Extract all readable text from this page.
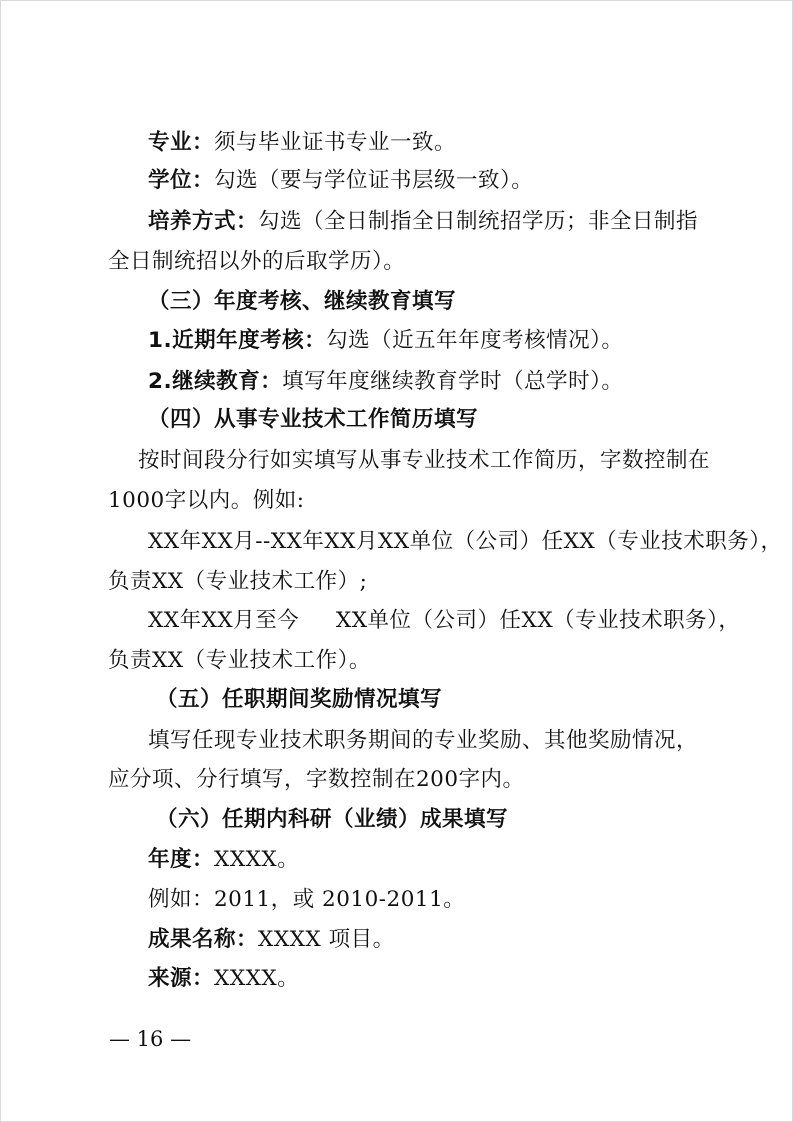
专业：须与毕业证书专业一致。
学位：勾选（要与学位证书层级一致）。
培养方式：勾选（全日制指全日制统招学历；非全日制指
全日制统招以外的后取学历）。
（三）年度考核、继续教育填写
1.近期年度考核：勾选（近五年年度考核情况）。
2.继续教育：填写年度继续教育学时（总学时）。
（四）从事专业技术工作简历填写
按时间段分行如实填写从事专业技术工作简历，字数控制在
1000字以内。例如:
XX年XX月--XX年XX月XX单位（公司）任XX（专业技术职务），
负责XX（专业技术工作）;
XX年XX月至今     XX单位（公司）任XX（专业技术职务），
负责XX（专业技术工作）。
（五）任职期间奖励情况填写
填写任现专业技术职务期间的专业奖励、其他奖励情况，
应分项、分行填写，字数控制在200字内。
（六）任期内科研（业绩）成果填写
年度：XXXX。
例如：2011，或 2010-2011。
成果名称：XXXX 项目。
来源：XXXX。
— 16 —
